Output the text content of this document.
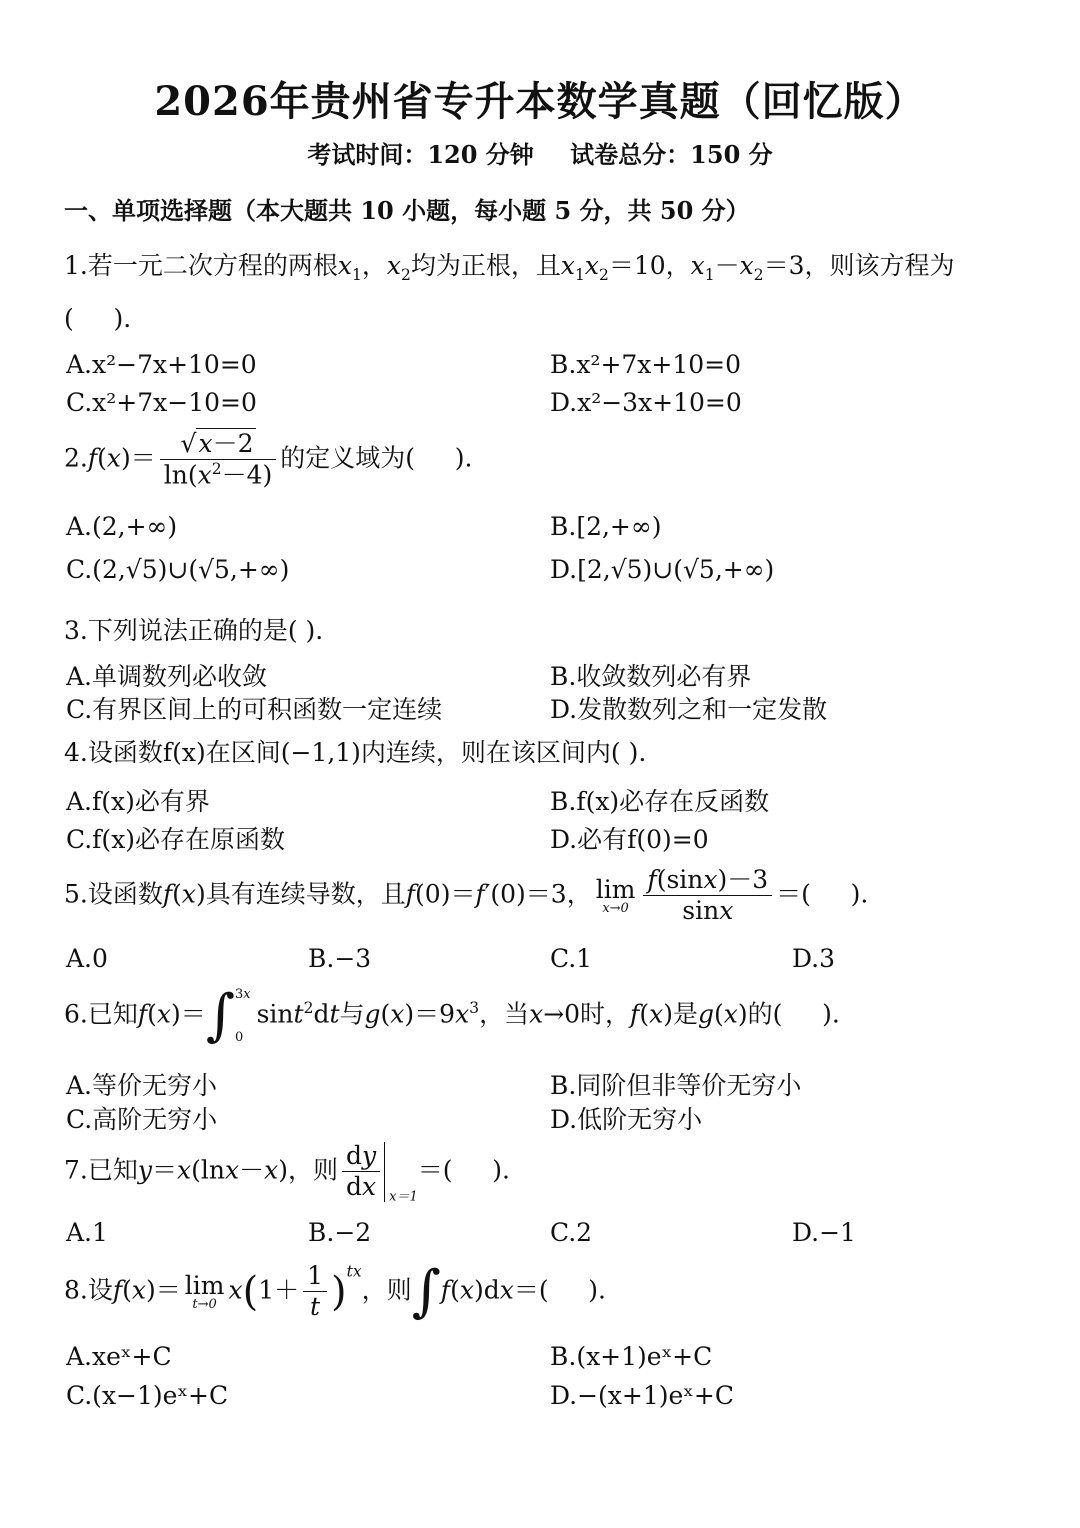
2026年贵州省专升本数学真题（回忆版）
考试时间：120 分钟 试卷总分：150 分
一、单项选择题（本大题共 10 小题，每小题 5 分，共 50 分）
1.若一元二次方程的两根$x_1$，$x_2$均为正根，且$x_1x_2=10$，$x_1-x_2=3$，则该方程为
(     ).
A.x²−7x+10=0	B.x²+7x+10=0
C.x²+7x−10=0	D.x²−3x+10=0
$2.f(x)= \frac{√x-2}{\ln(x^2-4)}$ 的定义域为(     ).
A.(2,+∞)	B.[2,+∞)
C.(2,√5)∪(√5,+∞)	D.[2,√5)∪(√5,+∞)
3.下列说法正确的是( ).
A.单调数列必收敛	B.收敛数列必有界
C.有界区间上的可积函数一定连续	D.发散数列之和一定发散
4.设函数f(x)在区间(−1,1)内连续，则在该区间内( ).
A.f(x)必有界	B.f(x)必存在反函数
C.f(x)必存在原函数	D.必有f(0)=0
5.设函数f(x)具有连续导数，且f(0)＝f′(0)＝3， lim
$x\to 0 \frac{f(\sin x)-3}{\sin x}$ ＝(     ).
A.0	B.−3	C.1	D.3
6.已知f(x)＝∫ 3x
0
sint$^2$dt与$g(x)=9x^3$，当x→0时，f(x)是g(x)的(     ).
A.等价无穷小	B.同阶但非等价无穷小
C.高阶无穷小	D.低阶无穷小
7.已知y＝x(lnx－x)，则 $\frac{dy}{dx} _{x=1}=$(     ).
A.1	B.−2	C.2	D.−1
8.设f(x)＝ lim
t→0 $x(1+ \frac{1}{t} )^{tx}$，则∫f(x)dx＝(     ).
A.xeˣ+C	B.(x+1)eˣ+C
C.(x−1)eˣ+C	D.−(x+1)eˣ+C
